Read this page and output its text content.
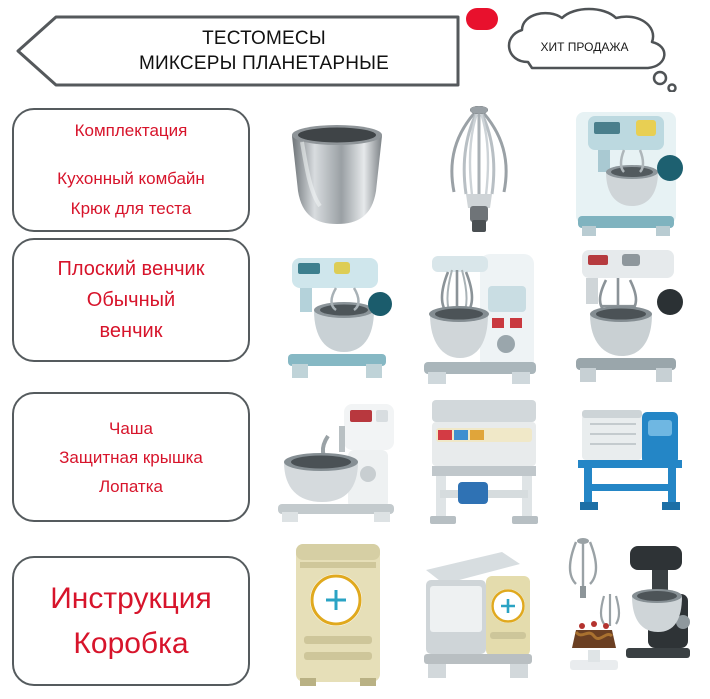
ТЕСТОМЕСЫ
МИКСЕРЫ ПЛАНЕТАРНЫЕ
ХИТ ПРОДАЖА
Комплектация
Кухонный комбайн
Крюк для теста
Плоский венчик
Обычный
венчик
Чаша
Защитная крышка
Лопатка
Инструкция
Коробка
